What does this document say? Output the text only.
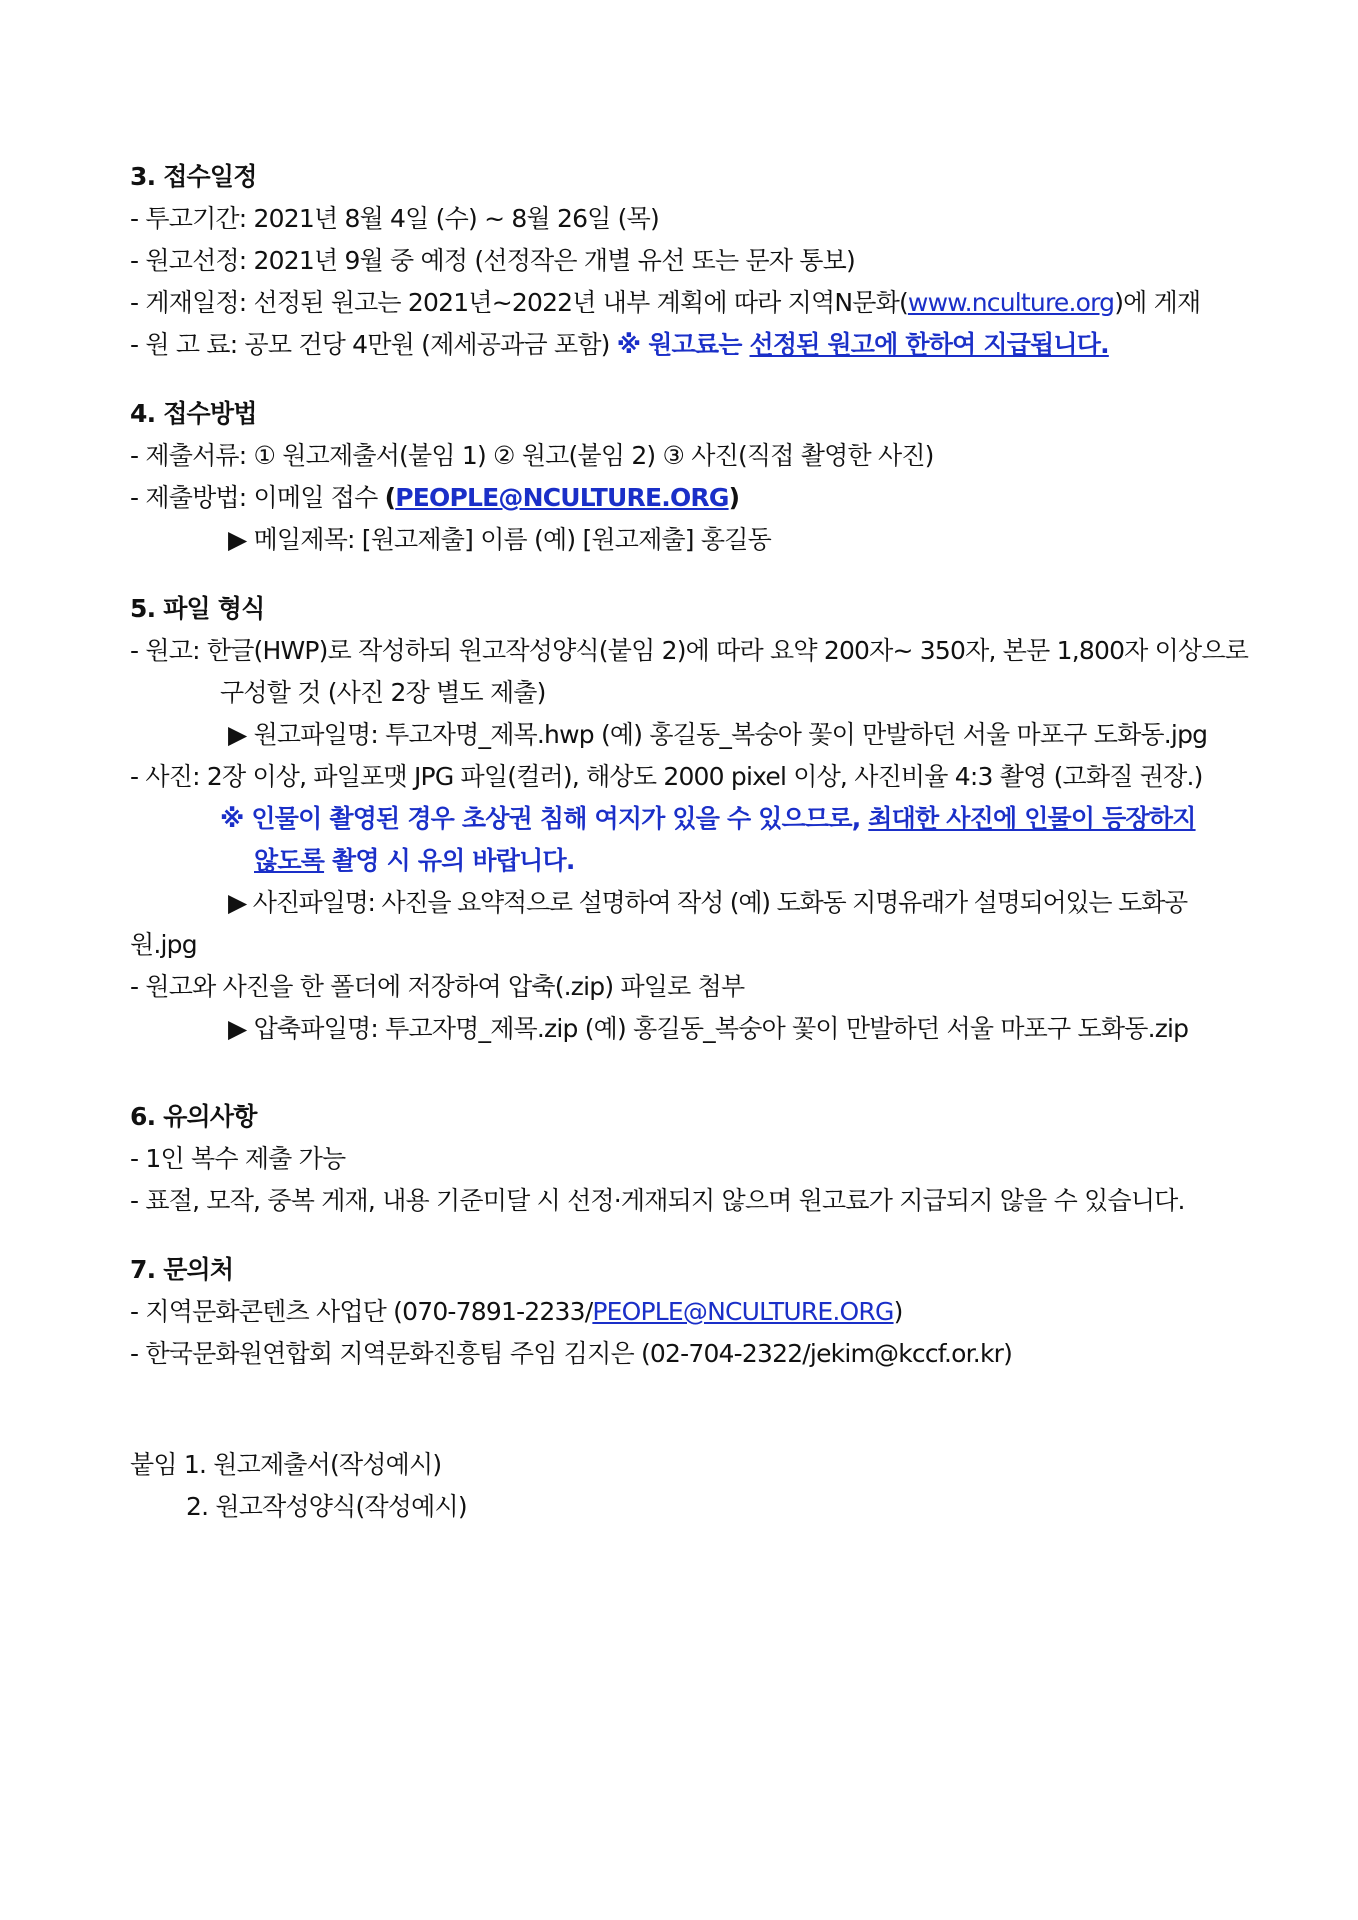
3. 접수일정
- 투고기간: 2021년 8월 4일 (수) ~ 8월 26일 (목)
- 원고선정: 2021년 9월 중 예정 (선정작은 개별 유선 또는 문자 통보)
- 게재일정: 선정된 원고는 2021년~2022년 내부 계획에 따라 지역N문화(www.nculture.org)에 게재
- 원 고 료: 공모 건당 4만원 (제세공과금 포함) ※ 원고료는 선정된 원고에 한하여 지급됩니다.
4. 접수방법
- 제출서류: ① 원고제출서(붙임 1) ② 원고(붙임 2) ③ 사진(직접 촬영한 사진)
- 제출방법: 이메일 접수 (PEOPLE@NCULTURE.ORG)
▶ 메일제목: [원고제출] 이름 (예) [원고제출] 홍길동
5. 파일 형식
- 원고: 한글(HWP)로 작성하되 원고작성양식(붙임 2)에 따라 요약 200자~ 350자, 본문 1,800자 이상으로
구성할 것 (사진 2장 별도 제출)
▶ 원고파일명: 투고자명_제목.hwp (예) 홍길동_복숭아 꽃이 만발하던 서울 마포구 도화동.jpg
- 사진: 2장 이상, 파일포맷 JPG 파일(컬러), 해상도 2000 pixel 이상, 사진비율 4:3 촬영 (고화질 권장.)
※ 인물이 촬영된 경우 초상권 침해 여지가 있을 수 있으므로, 최대한 사진에 인물이 등장하지
않도록 촬영 시 유의 바랍니다.
▶ 사진파일명: 사진을 요약적으로 설명하여 작성 (예) 도화동 지명유래가 설명되어있는 도화공
원.jpg
- 원고와 사진을 한 폴더에 저장하여 압축(.zip) 파일로 첨부
▶ 압축파일명: 투고자명_제목.zip (예) 홍길동_복숭아 꽃이 만발하던 서울 마포구 도화동.zip
6. 유의사항
- 1인 복수 제출 가능
- 표절, 모작, 중복 게재, 내용 기준미달 시 선정·게재되지 않으며 원고료가 지급되지 않을 수 있습니다.
7. 문의처
- 지역문화콘텐츠 사업단 (070-7891-2233/PEOPLE@NCULTURE.ORG)
- 한국문화원연합회 지역문화진흥팀 주임 김지은 (02-704-2322/jekim@kccf.or.kr)
붙임 1. 원고제출서(작성예시)
2. 원고작성양식(작성예시)
